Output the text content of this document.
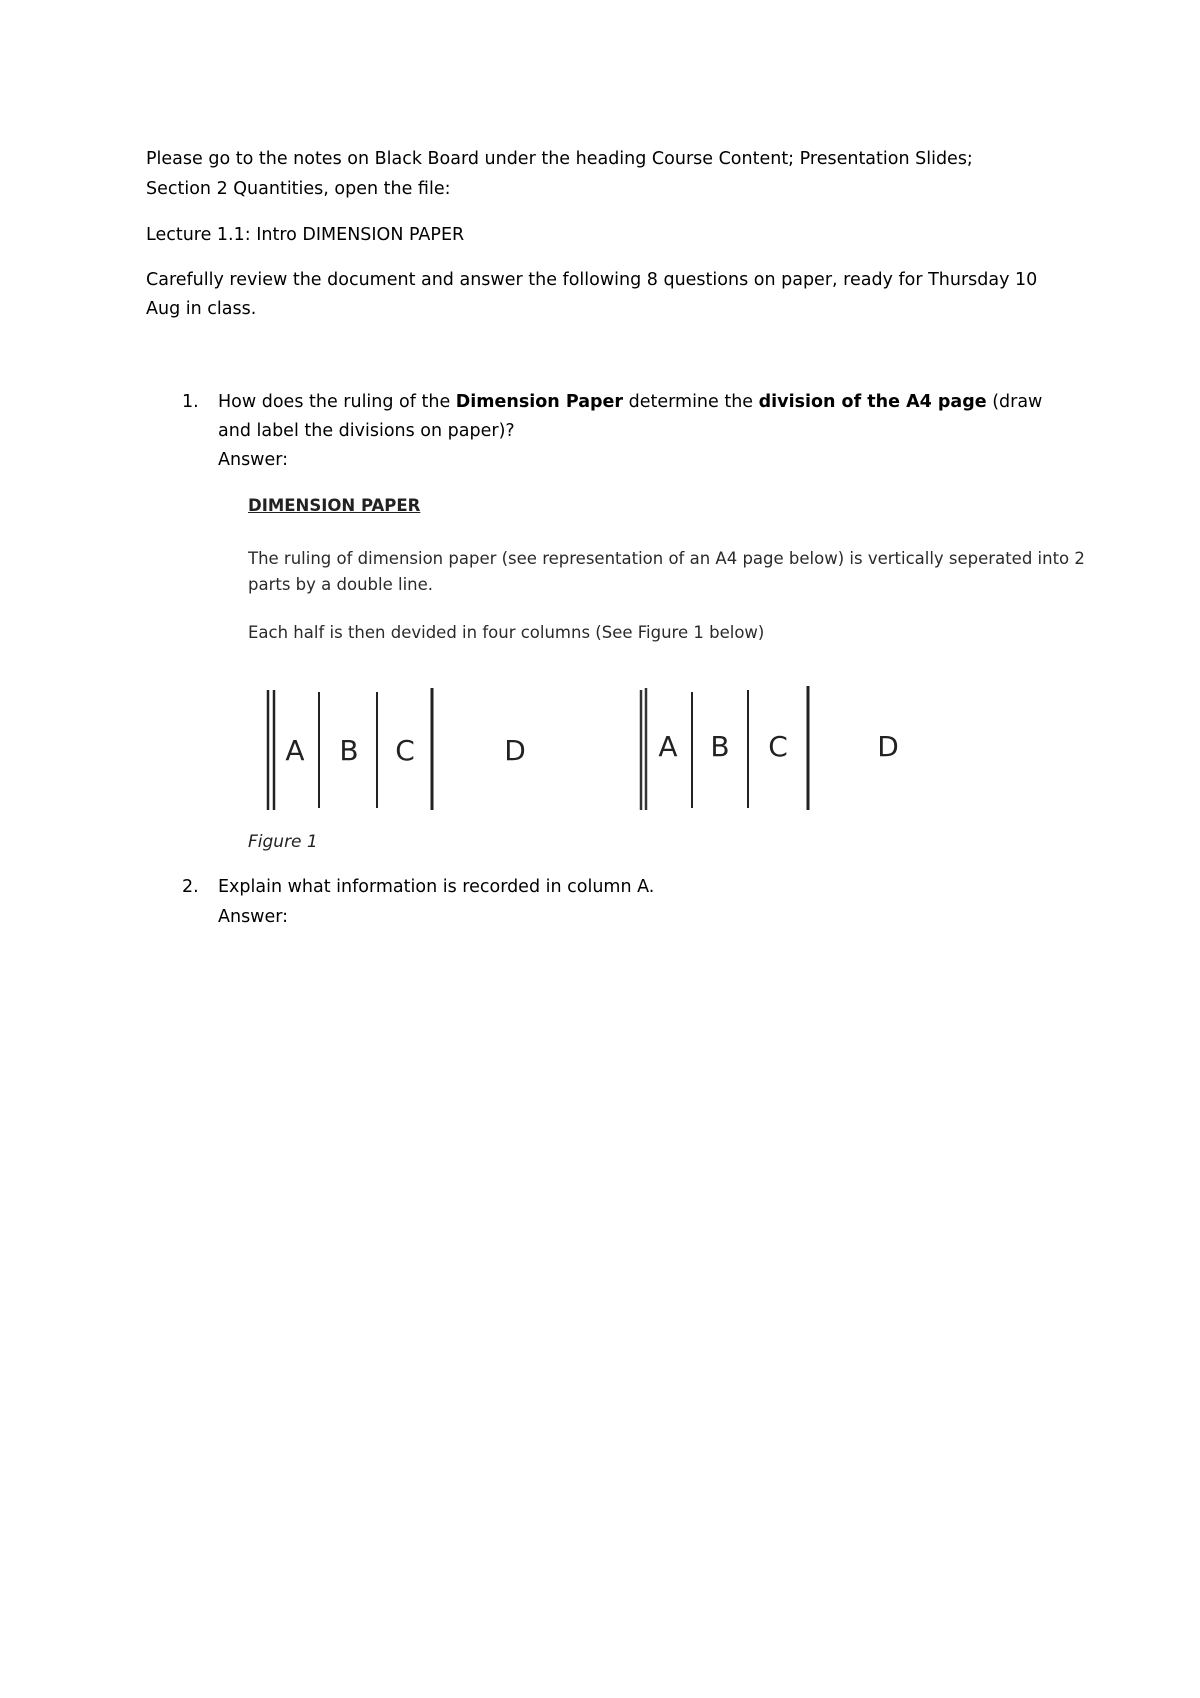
Please go to the notes on Black Board under the heading Course Content; Presentation Slides;

Section 2 Quantities, open the file:

Lecture 1.1: Intro DIMENSION PAPER

Carefully review the document and answer the following 8 questions on paper, ready for Thursday 10

Aug in class.

1. How does the ruling of the Dimension Paper determine the division of the A4 page (draw
and label the divisions on paper)?
Answer:
DIMENSION PAPER
The ruling of dimension paper (see representation of an A4 page below) is vertically seperated into 2
parts by a double line.
Each half is then devided in four columns (See Figure 1 below)
A B C	D	A B C	D
Figure 1
2. Explain what information is recorded in column A.
Answer:
